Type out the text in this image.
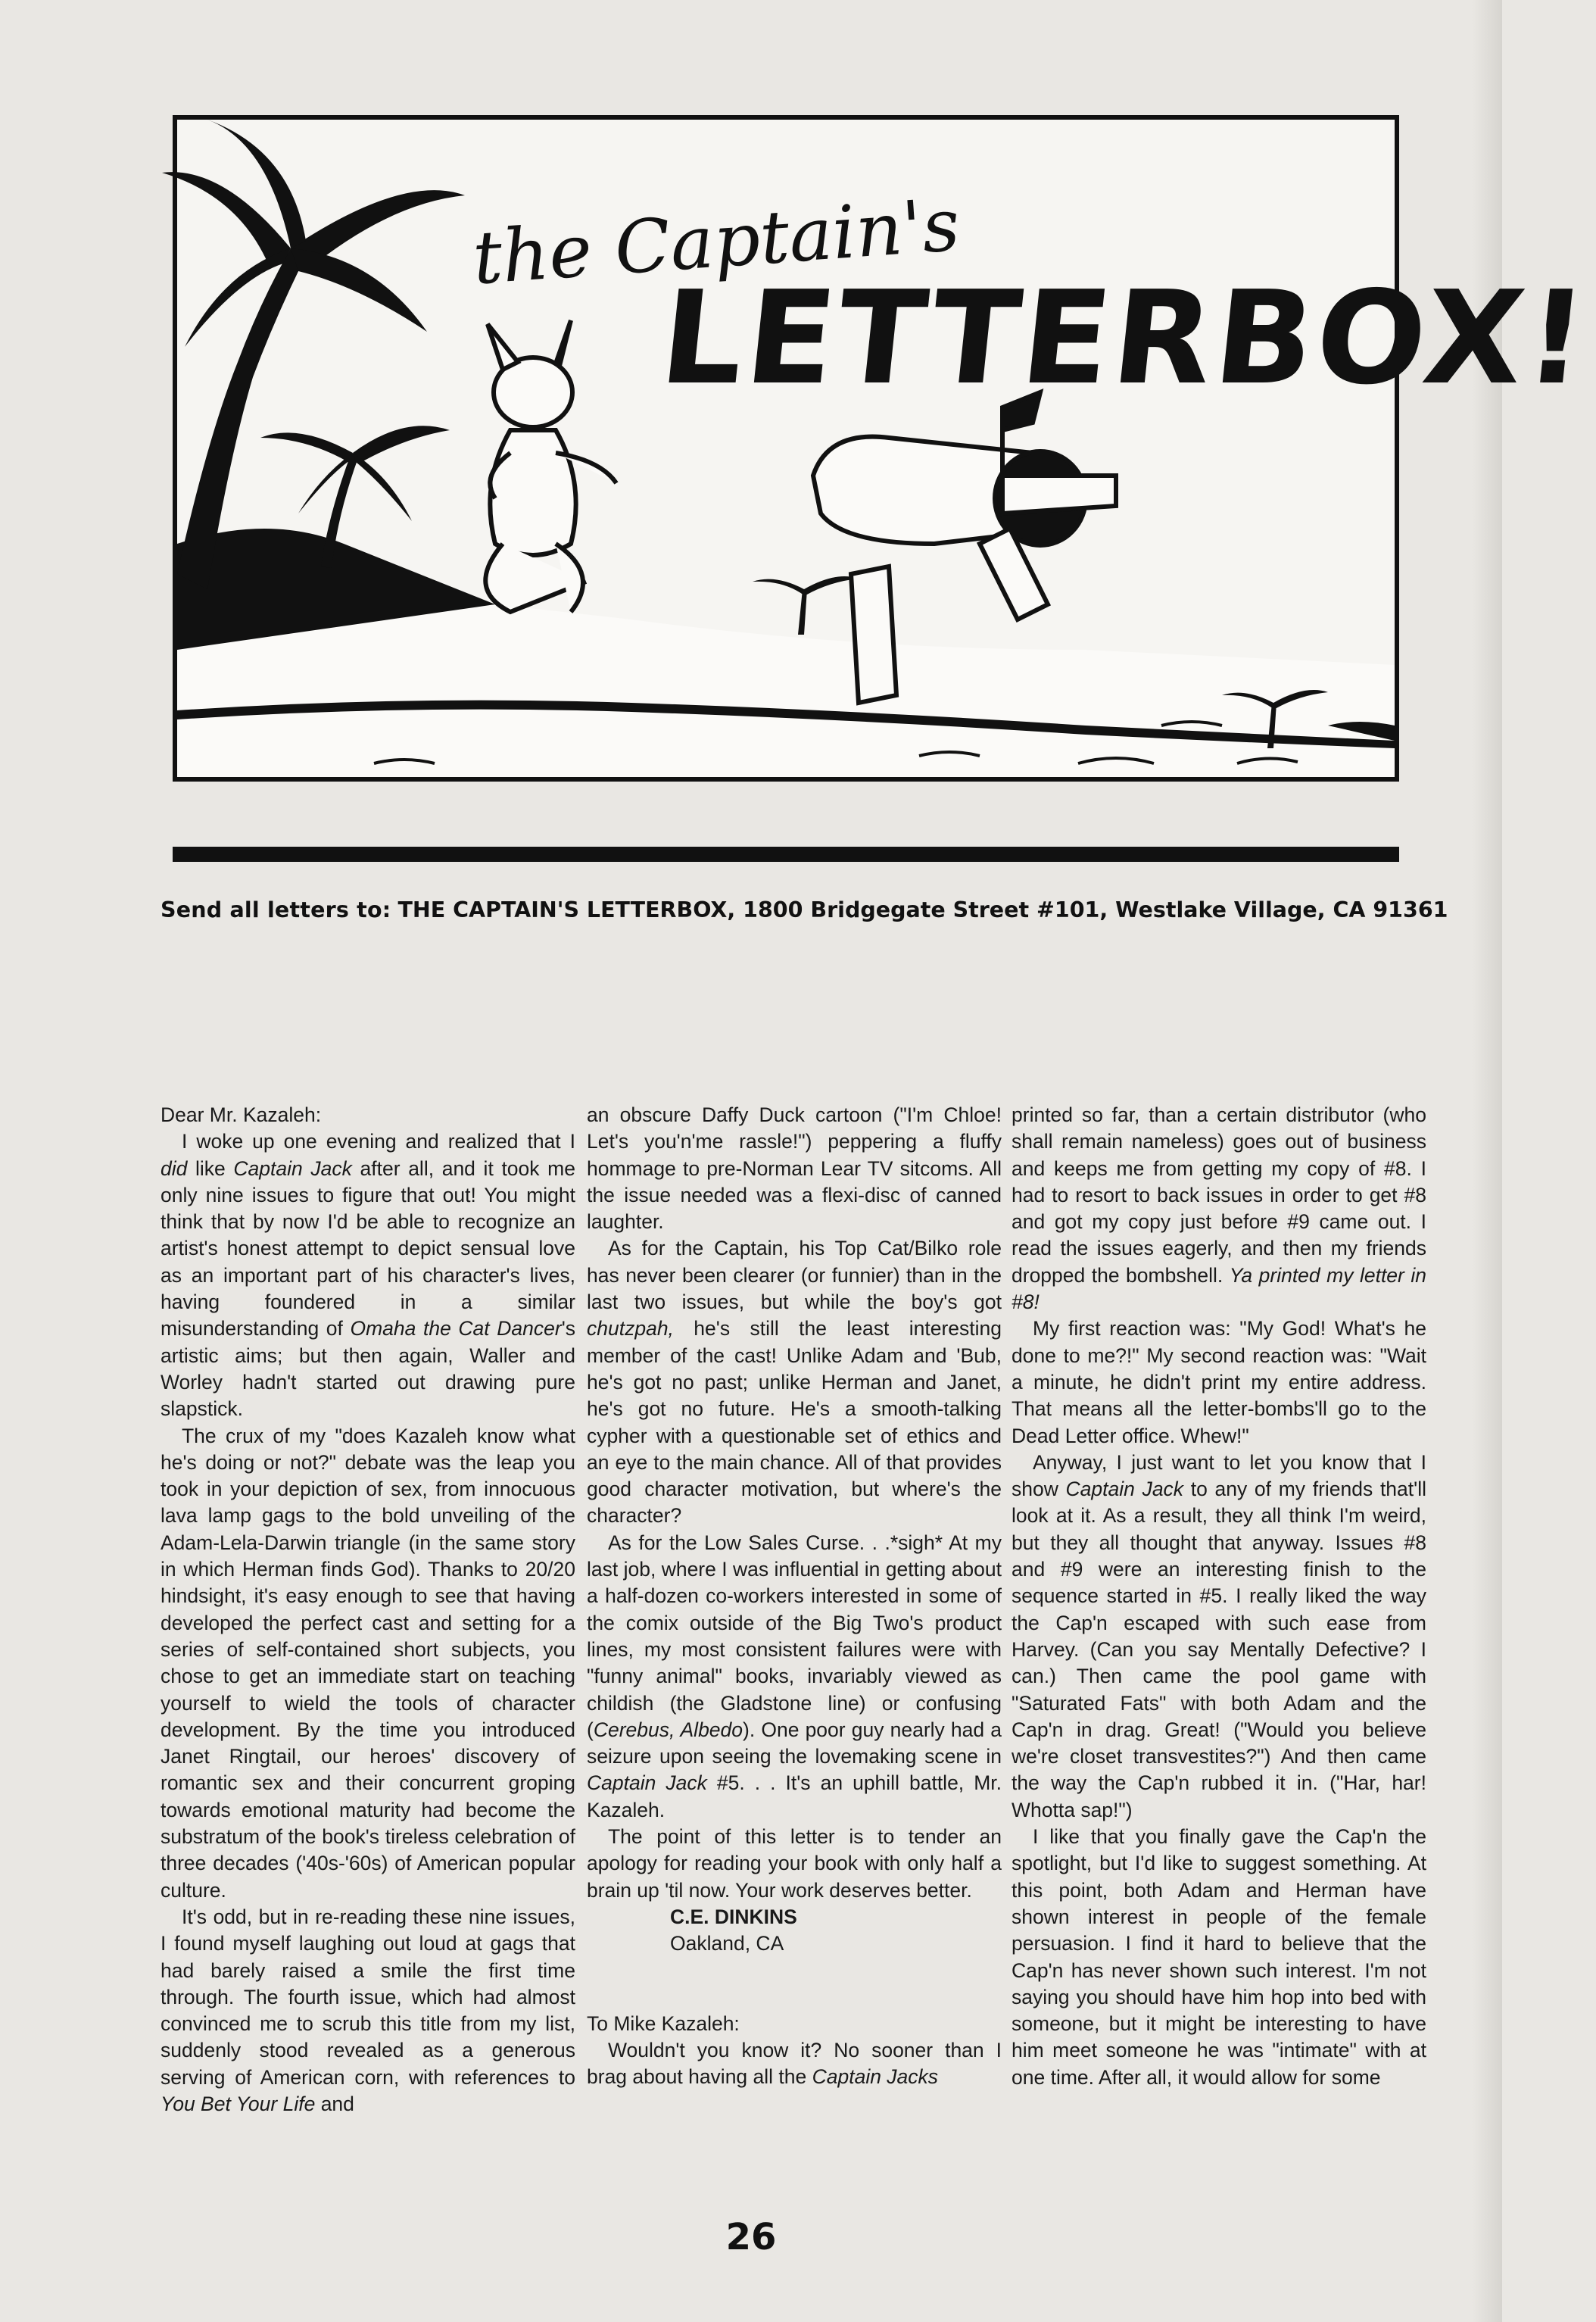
the Captain's
LETTERBOX!
Send all letters to: THE CAPTAIN'S LETTERBOX, 1800 Bridgegate Street #101, Westlake Village, CA 91361

Dear Mr. Kazaleh:

I woke up one evening and realized that I did like Captain Jack after all, and it took me only nine issues to figure that out! You might think that by now I'd be able to recognize an artist's honest attempt to depict sensual love as an important part of his character's lives, having foundered in a similar misunderstanding of Omaha the Cat Dancer's artistic aims; but then again, Waller and Worley hadn't started out drawing pure slapstick.

The crux of my "does Kazaleh know what he's doing or not?" debate was the leap you took in your depiction of sex, from innocuous lava lamp gags to the bold unveiling of the Adam-Lela-Darwin triangle (in the same story in which Herman finds God). Thanks to 20/20 hindsight, it's easy enough to see that having developed the perfect cast and setting for a series of self-contained short subjects, you chose to get an immediate start on teaching yourself to wield the tools of character development. By the time you introduced Janet Ringtail, our heroes' discovery of romantic sex and their concurrent groping towards emotional maturity had become the substratum of the book's tireless celebration of three decades ('40s-'60s) of American popular culture.

It's odd, but in re-reading these nine issues, I found myself laughing out loud at gags that had barely raised a smile the first time through. The fourth issue, which had almost convinced me to scrub this title from my list, suddenly stood revealed as a generous serving of American corn, with references to You Bet Your Life and

an obscure Daffy Duck cartoon ("I'm Chloe! Let's you'n'me rassle!") peppering a fluffy hommage to pre-Norman Lear TV sitcoms. All the issue needed was a flexi-disc of canned laughter.

As for the Captain, his Top Cat/Bilko role has never been clearer (or funnier) than in the last two issues, but while the boy's got chutzpah, he's still the least interesting member of the cast! Unlike Adam and 'Bub, he's got no past; unlike Herman and Janet, he's got no future. He's a smooth-talking cypher with a questionable set of ethics and an eye to the main chance. All of that provides good character motivation, but where's the character?

As for the Low Sales Curse. . .*sigh* At my last job, where I was influential in getting about a half-dozen co-workers interested in some of the comix outside of the Big Two's product lines, my most consistent failures were with "funny animal" books, invariably viewed as childish (the Gladstone line) or confusing (Cerebus, Albedo). One poor guy nearly had a seizure upon seeing the lovemaking scene in Captain Jack #5. . . It's an uphill battle, Mr. Kazaleh.

The point of this letter is to tender an apology for reading your book with only half a brain up 'til now. Your work deserves better.

C.E. DINKINS

Oakland, CA

To Mike Kazaleh:

Wouldn't you know it? No sooner than I brag about having all the Captain Jacks

printed so far, than a certain distributor (who shall remain nameless) goes out of business and keeps me from getting my copy of #8. I had to resort to back issues in order to get #8 and got my copy just before #9 came out. I read the issues eagerly, and then my friends dropped the bombshell. Ya printed my letter in #8!

My first reaction was: "My God! What's he done to me?!" My second reaction was: "Wait a minute, he didn't print my entire address. That means all the letter-bombs'll go to the Dead Letter office. Whew!"

Anyway, I just want to let you know that I show Captain Jack to any of my friends that'll look at it. As a result, they all think I'm weird, but they all thought that anyway. Issues #8 and #9 were an interesting finish to the sequence started in #5. I really liked the way the Cap'n escaped with such ease from Harvey. (Can you say Mentally Defective? I can.) Then came the pool game with "Saturated Fats" with both Adam and the Cap'n in drag. Great! ("Would you believe we're closet transvestites?") And then came the way the Cap'n rubbed it in. ("Har, har! Whotta sap!")

I like that you finally gave the Cap'n the spotlight, but I'd like to suggest something. At this point, both Adam and Herman have shown interest in people of the female persuasion. I find it hard to believe that the Cap'n has never shown such interest. I'm not saying you should have him hop into bed with someone, but it might be interesting to have him meet someone he was "intimate" with at one time. After all, it would allow for some

26
